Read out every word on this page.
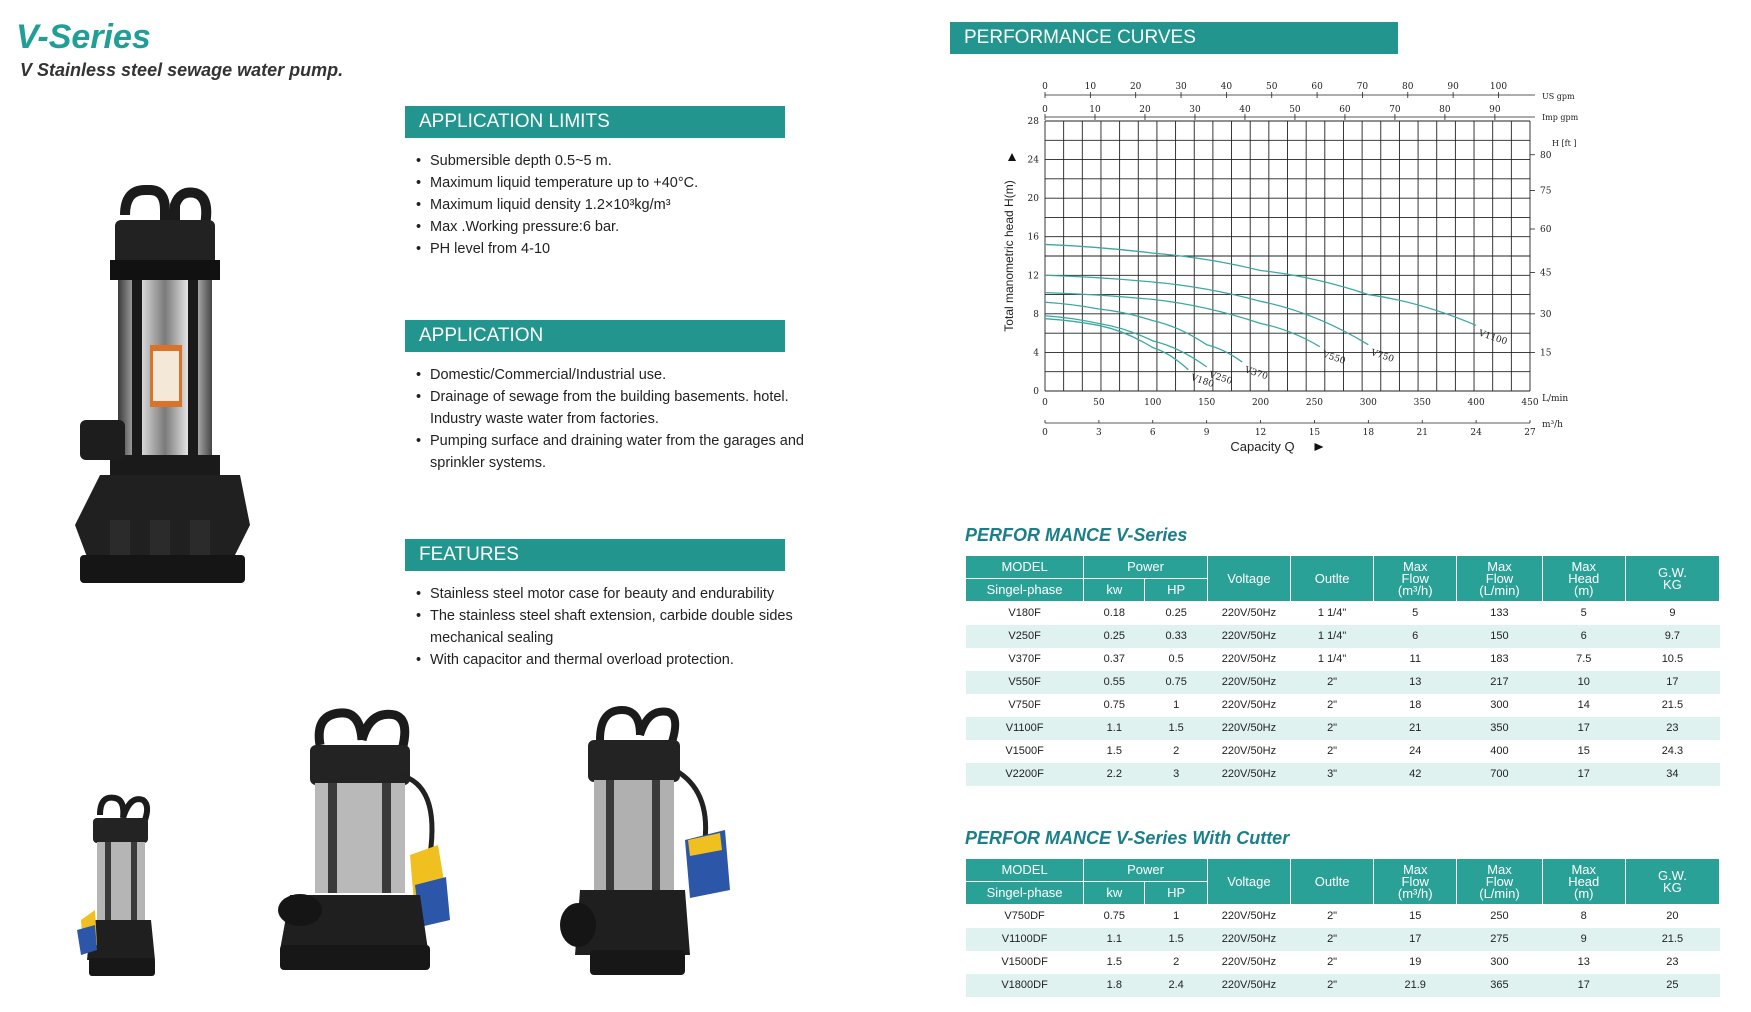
V-Series
V Stainless steel sewage water pump.
APPLICATION LIMITS
• Submersible depth 0.5~5 m.
• Maximum liquid temperature up to +40°C.
• Maximum liquid density 1.2×10³kg/m³
• Max .Working pressure:6 bar.
• PH level from 4-10
APPLICATION
• Domestic/Commercial/Industrial use.
• Drainage of sewage from the building basements. hotel. Industry waste water from factories.
• Pumping surface and draining water from the garages and sprinkler systems.
FEATURES
• Stainless steel motor case for beauty and endurability
• The stainless steel shaft extension, carbide double sides mechanical sealing
• With capacitor and thermal overload protection.
PERFORMANCE CURVES
0	50	100	150	200	250	300	350	400	450
0
4
8
12
16
20
24
28
0	3	6	9	12	15	18	21	24	27
m³/h
L/min
0	10	20	30	40	50	60	70	80	90	100
US gpm
0	10	20	30	40	50	60	70	80	90
Imp gpm
15
30
45
60
75
80
H [ft ]
Total manometric head H(m)
Capacity Q
V180
V250 V370
V550	V750
V1100
PERFOR MANCE V-Series
MODEL	Power		Voltage	Outlte	Max
Flow
(m³/h)	Max
Flow
(L/min)	Max
Head
(m)	G.W.
KG
Singel-phase	kw	HP						
V180F	0.18	0.25	220V/50Hz	1 1/4"	5	133	5	9
V250F	0.25	0.33	220V/50Hz	1 1/4"	6	150	6	9.7
V370F	0.37	0.5	220V/50Hz	1 1/4"	11	183	7.5	10.5
V550F	0.55	0.75	220V/50Hz	2"	13	217	10	17
V750F	0.75	1	220V/50Hz	2"	18	300	14	21.5
V1100F	1.1	1.5	220V/50Hz	2"	21	350	17	23
V1500F	1.5	2	220V/50Hz	2"	24	400	15	24.3
V2200F	2.2	3	220V/50Hz	3"	42	700	17	34
PERFOR MANCE V-Series With Cutter
MODEL	Power		Voltage	Outlte	Max
Flow
(m³/h)	Max
Flow
(L/min)	Max
Head
(m)	G.W.
KG
Singel-phase	kw	HP						
V750DF	0.75	1	220V/50Hz	2"	15	250	8	20
V1100DF	1.1	1.5	220V/50Hz	2"	17	275	9	21.5
V1500DF	1.5	2	220V/50Hz	2"	19	300	13	23
V1800DF	1.8	2.4	220V/50Hz	2"	21.9	365	17	25
